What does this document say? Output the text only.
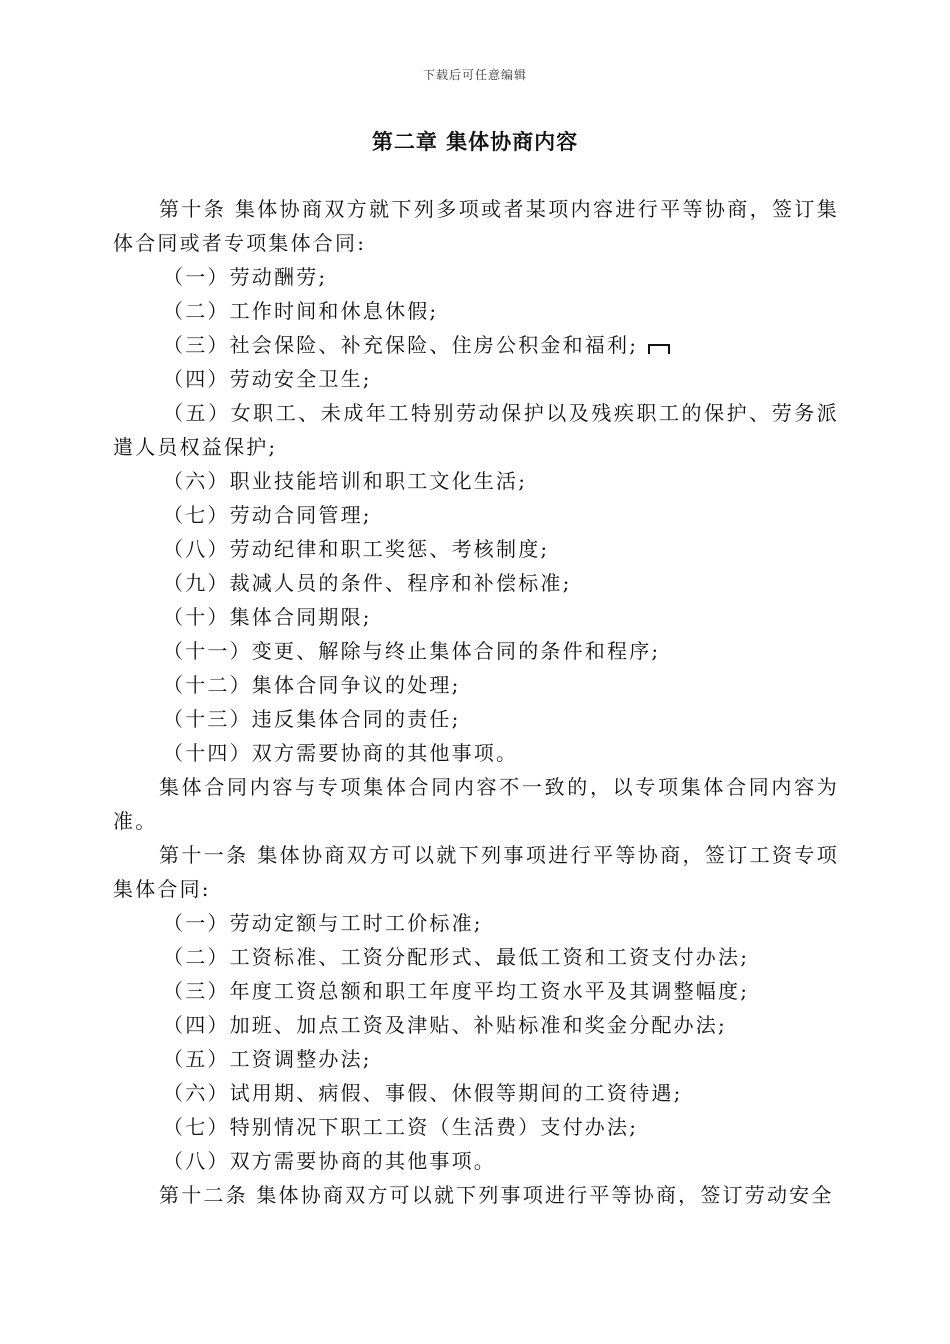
下载后可任意编辑
第二章 集体协商内容

第十条 集体协商双方就下列多项或者某项内容进行平等协商，签订集体合同或者专项集体合同:

（一）劳动酬劳;

（二）工作时间和休息休假;

（三）社会保险、补充保险、住房公积金和福利;

（四）劳动安全卫生;

（五）女职工、未成年工特别劳动保护以及残疾职工的保护、劳务派遣人员权益保护;

（六）职业技能培训和职工文化生活;

（七）劳动合同管理;

（八）劳动纪律和职工奖惩、考核制度;

（九）裁减人员的条件、程序和补偿标准;

（十）集体合同期限;

（十一）变更、解除与终止集体合同的条件和程序;

（十二）集体合同争议的处理;

（十三）违反集体合同的责任;

（十四）双方需要协商的其他事项。

集体合同内容与专项集体合同内容不一致的，以专项集体合同内容为准。

第十一条 集体协商双方可以就下列事项进行平等协商，签订工资专项集体合同:

（一）劳动定额与工时工价标准;

（二）工资标准、工资分配形式、最低工资和工资支付办法;

（三）年度工资总额和职工年度平均工资水平及其调整幅度;

（四）加班、加点工资及津贴、补贴标准和奖金分配办法;

（五）工资调整办法;

（六）试用期、病假、事假、休假等期间的工资待遇;

（七）特别情况下职工工资（生活费）支付办法;

（八）双方需要协商的其他事项。

第十二条 集体协商双方可以就下列事项进行平等协商，签订劳动安全
